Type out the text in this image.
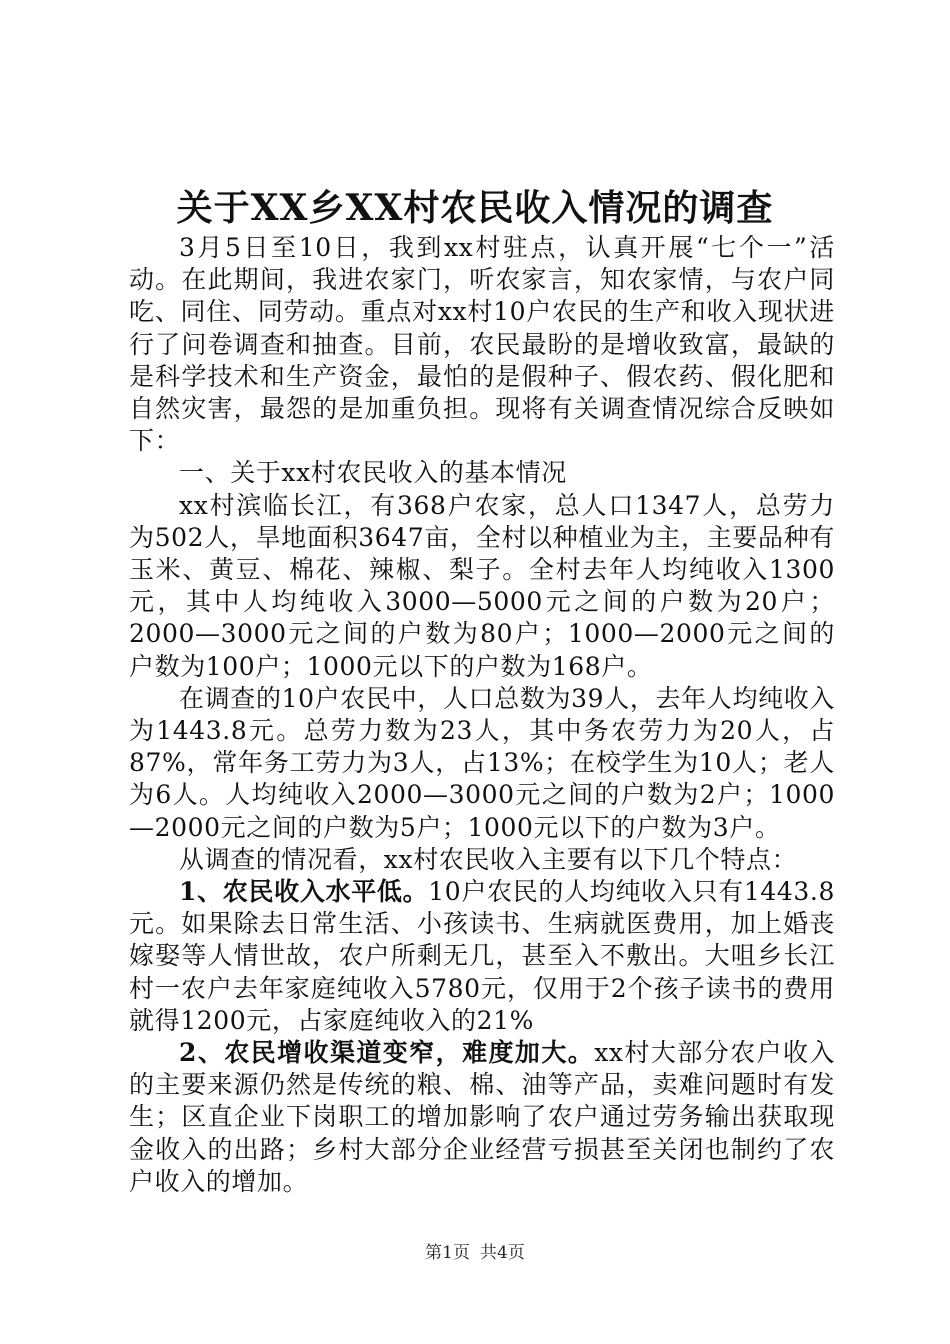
关于XX乡XX村农民收入情况的调查

3月5日至10日，我到xx村驻点，认真开展“七个一”活动。在此期间，我进农家门，听农家言，知农家情，与农户同吃、同住、同劳动。重点对xx村10户农民的生产和收入现状进行了问卷调查和抽查。目前，农民最盼的是增收致富，最缺的是科学技术和生产资金，最怕的是假种子、假农药、假化肥和自然灾害，最怨的是加重负担。现将有关调查情况综合反映如下：

一、关于xx村农民收入的基本情况

xx村滨临长江，有368户农家，总人口1347人，总劳力为502人，旱地面积3647亩，全村以种植业为主，主要品种有玉米、黄豆、棉花、辣椒、梨子。全村去年人均纯收入1300元，其中人均纯收入3000—5000元之间的户数为20户；2000—3000元之间的户数为80户；1000—2000元之间的户数为100户；1000元以下的户数为168户。

在调查的10户农民中，人口总数为39人，去年人均纯收入为1443.8元。总劳力数为23人，其中务农劳力为20人，占87%，常年务工劳力为3人，占13%；在校学生为10人；老人为6人。人均纯收入2000—3000元之间的户数为2户；1000—2000元之间的户数为5户；1000元以下的户数为3户。

从调查的情况看，xx村农民收入主要有以下几个特点：

1、农民收入水平低。10户农民的人均纯收入只有1443.8元。如果除去日常生活、小孩读书、生病就医费用，加上婚丧嫁娶等人情世故，农户所剩无几，甚至入不敷出。大咀乡长江村一农户去年家庭纯收入5780元，仅用于2个孩子读书的费用就得1200元，占家庭纯收入的21%

2、农民增收渠道变窄，难度加大。xx村大部分农户收入的主要来源仍然是传统的粮、棉、油等产品，卖难问题时有发生；区直企业下岗职工的增加影响了农户通过劳务输出获取现金收入的出路；乡村大部分企业经营亏损甚至关闭也制约了农户收入的增加。

第1页 共4页
